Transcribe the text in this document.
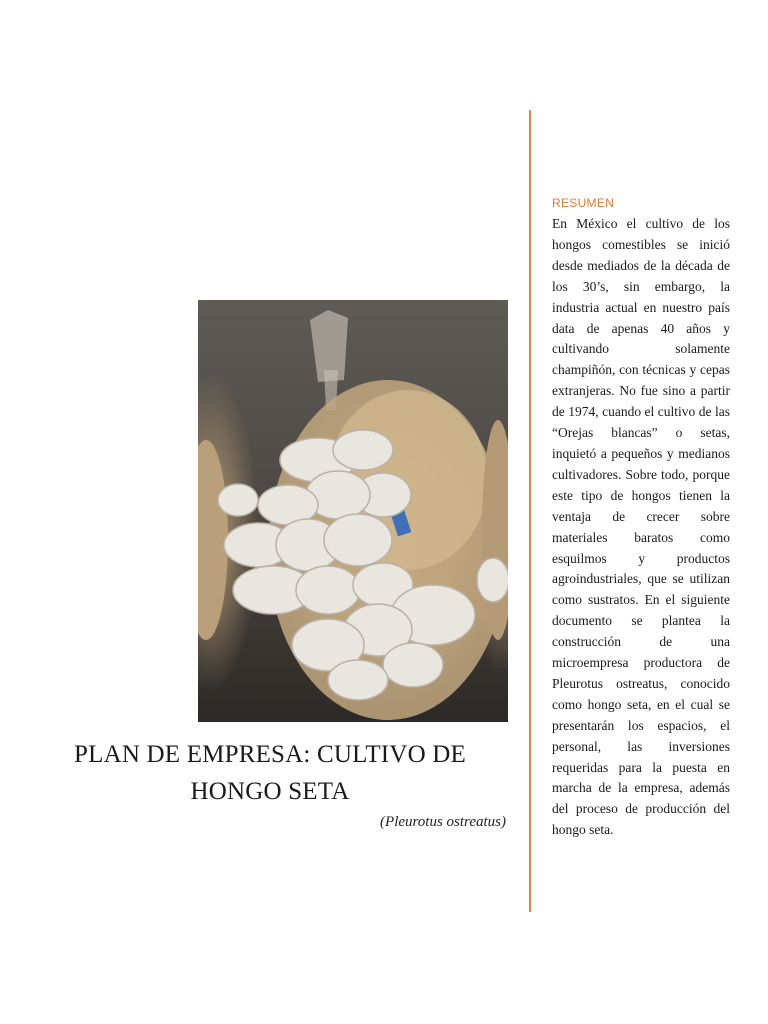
PLAN DE EMPRESA: CULTIVO DE HONGO SETA
(Pleurotus ostreatus)
RESUMEN
En México el cultivo de los hongos comestibles se inició desde mediados de la década de los 30’s, sin embargo, la industria actual en nuestro país data de apenas 40 años y cultivando solamente champiñón, con técnicas y cepas extranjeras. No fue sino a partir de 1974, cuando el cultivo de las “Orejas blancas” o setas, inquietó a pequeños y medianos cultivadores. Sobre todo, porque este tipo de hongos tienen la ventaja de crecer sobre materiales baratos como esquilmos y productos agroindustriales, que se utilizan como sustratos. En el siguiente documento se plantea la construcción de una microempresa productora de Pleurotus ostreatus, conocido como hongo seta, en el cual se presentarán los espacios, el personal, las inversiones requeridas para la puesta en marcha de la empresa, además del proceso de producción del hongo seta.
